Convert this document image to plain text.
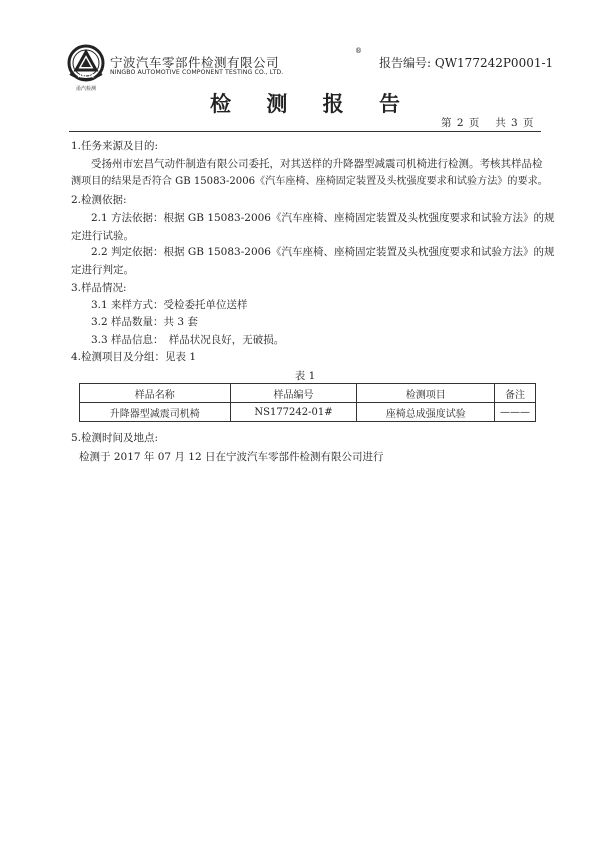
NACTC
甬汽检测
宁波汽车零部件检测有限公司
NINGBO AUTOMOTIVE COMPONENT TESTING CO., LTD.
®
报告编号: QW177242P0001-1
检 测 报 告
第 2 页　 共 3 页
1.任务来源及目的:
受扬州市宏昌气动件制造有限公司委托，对其送样的升降器型减震司机椅进行检测。考核其样品检
测项目的结果是否符合 GB 15083-2006《汽车座椅、座椅固定装置及头枕强度要求和试验方法》的要求。
2.检测依据:
2.1 方法依据：根据 GB 15083-2006《汽车座椅、座椅固定装置及头枕强度要求和试验方法》的规
定进行试验。
2.2 判定依据：根据 GB 15083-2006《汽车座椅、座椅固定装置及头枕强度要求和试验方法》的规
定进行判定。
3.样品情况:
3.1 来样方式：受检委托单位送样
3.2 样品数量：共 3 套
3.3 样品信息：　样品状况良好，无破损。
4.检测项目及分组：见表 1
表 1
样品名称	样品编号	检测项目	备注
升降器型减震司机椅	NS177242-01#	座椅总成强度试验	———
5.检测时间及地点:
检测于 2017 年 07 月 12 日在宁波汽车零部件检测有限公司进行
